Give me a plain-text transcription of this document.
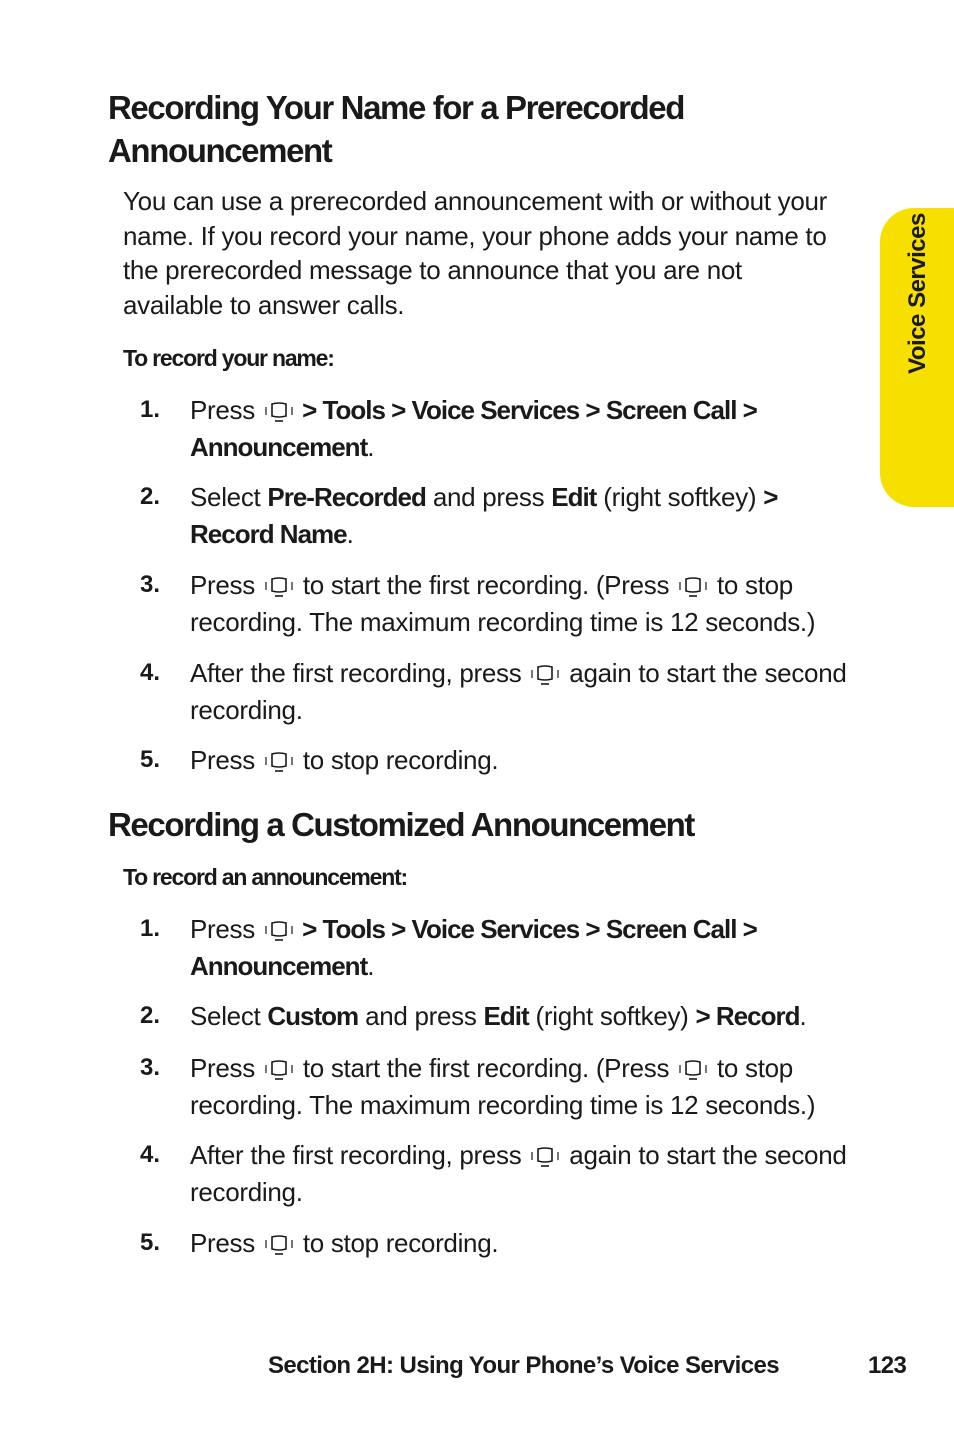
Recording Your Name for a Prerecorded Announcement

You can use a prerecorded announcement with or without your name. If you record your name, your phone adds your name to the prerecorded message to announce that you are not available to answer calls.

To record your name:

1.	Press
> Tools > Voice Services > Screen Call > Announcement.
2.	Select Pre-Recorded and press Edit (right softkey) > Record Name.
3.	Press
to start the first recording. (Press
to stop recording. The maximum recording time is 12 seconds.)
4.	After the first recording, press
again to start the second recording.
5.	Press
to stop recording.
Recording a Customized Announcement

To record an announcement:

1.	Press
> Tools > Voice Services > Screen Call > Announcement.
2.	Select Custom and press Edit (right softkey) > Record.
3.	Press
to start the first recording. (Press
to stop recording. The maximum recording time is 12 seconds.)
4.	After the first recording, press
again to start the second recording.
5.	Press
to stop recording.
Voice Services
Section 2H: Using Your Phone’s Voice Services	123
